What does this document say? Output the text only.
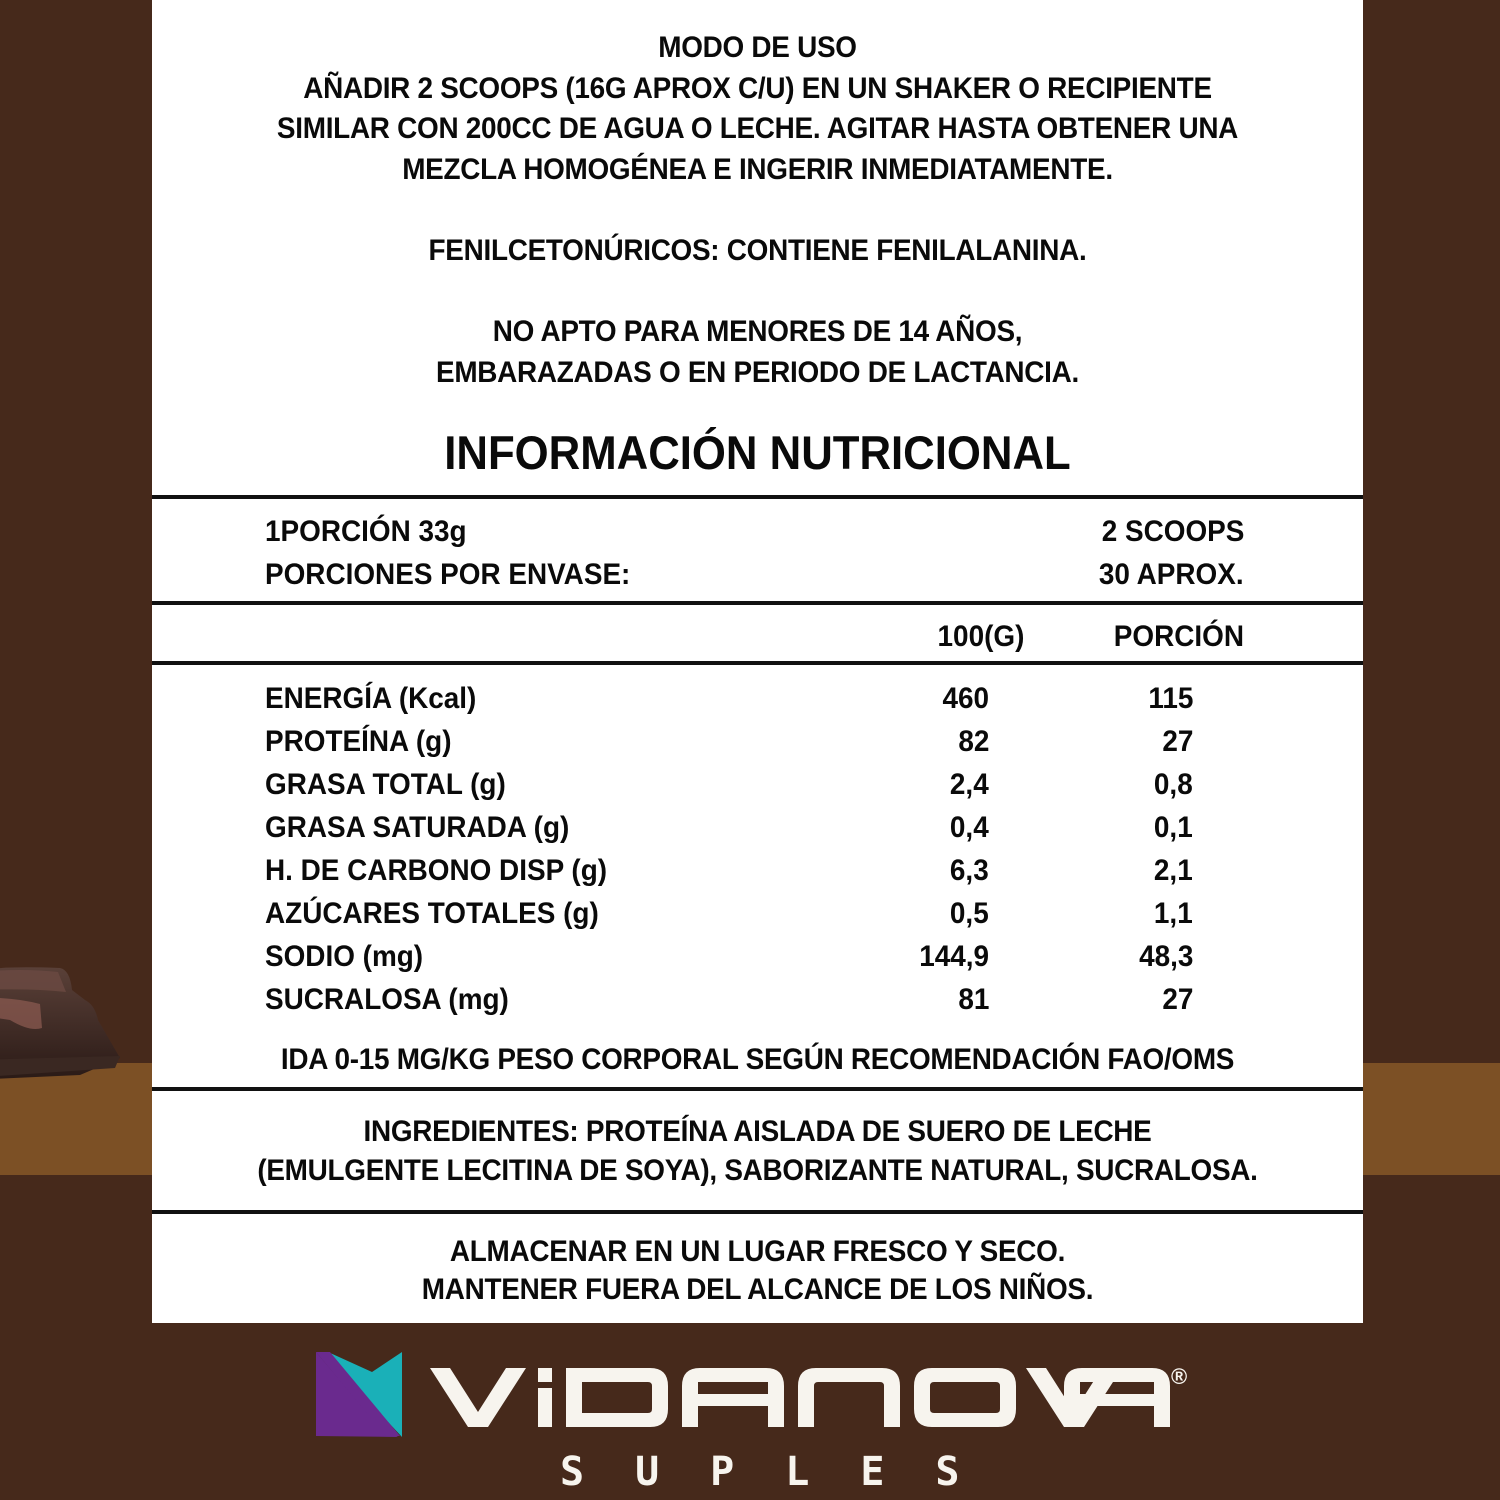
MODO DE USO
AÑADIR 2 SCOOPS (16G APROX C/U) EN UN SHAKER O RECIPIENTE
SIMILAR CON 200CC DE AGUA O LECHE. AGITAR HASTA OBTENER UNA
MEZCLA HOMOGÉNEA E INGERIR INMEDIATAMENTE.
FENILCETONÚRICOS: CONTIENE FENILALANINA.
NO APTO PARA MENORES DE 14 AÑOS,
EMBARAZADAS O EN PERIODO DE LACTANCIA.
INFORMACIÓN NUTRICIONAL
1PORCIÓN 33g	2 SCOOPS
PORCIONES POR ENVASE:	30 APROX.
100(G)	PORCIÓN
ENERGÍA (Kcal)	460	115
PROTEÍNA (g)	82	27
GRASA TOTAL (g)	2,4	0,8
GRASA SATURADA (g)	0,4	0,1
H. DE CARBONO DISP (g)	6,3	2,1
AZÚCARES TOTALES (g)	0,5	1,1
SODIO (mg)	144,9	48,3
SUCRALOSA (mg)	81	27
IDA 0-15 MG/KG PESO CORPORAL SEGÚN RECOMENDACIÓN FAO/OMS
INGREDIENTES: PROTEÍNA AISLADA DE SUERO DE LECHE
(EMULGENTE LECITINA DE SOYA), SABORIZANTE NATURAL, SUCRALOSA.
ALMACENAR EN UN LUGAR FRESCO Y SECO.
MANTENER FUERA DEL ALCANCE DE LOS NIÑOS.
®
SUPLES
